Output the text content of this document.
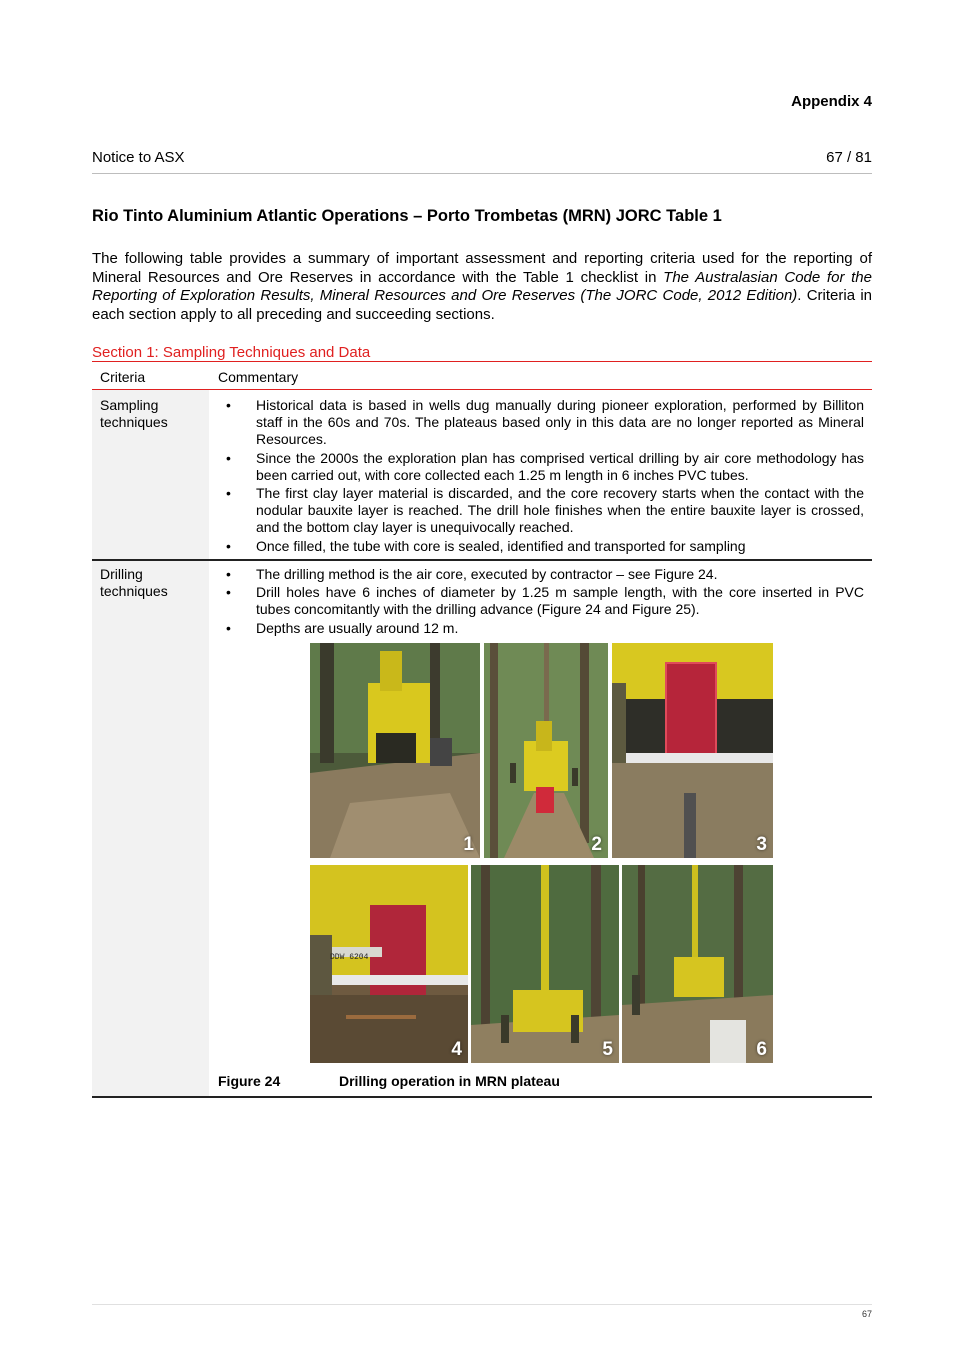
Appendix 4
Notice to ASX	67 / 81
Rio Tinto Aluminium Atlantic Operations – Porto Trombetas (MRN) JORC Table 1
The following table provides a summary of important assessment and reporting criteria used for the reporting of Mineral Resources and Ore Reserves in accordance with the Table 1 checklist in The Australasian Code for the Reporting of Exploration Results, Mineral Resources and Ore Reserves (The JORC Code, 2012 Edition). Criteria in each section apply to all preceding and succeeding sections.
Section 1: Sampling Techniques and Data
Criteria	Commentary
Sampling
techniques
• Historical data is based in wells dug manually during pioneer exploration, performed by Billiton staff in the 60s and 70s. The plateaus based only in this data are no longer reported as Mineral Resources.
• Since the 2000s the exploration plan has comprised vertical drilling by air core methodology has been carried out, with core collected each 1.25 m length in 6 inches PVC tubes.
• The first clay layer material is discarded, and the core recovery starts when the contact with the nodular bauxite layer is reached. The drill hole finishes when the entire bauxite layer is crossed, and the bottom clay layer is unequivocally reached.
• Once filled, the tube with core is sealed, identified and transported for sampling
Drilling
techniques
• The drilling method is the air core, executed by contractor – see Figure 24.
• Drill holes have 6 inches of diameter by 1.25 m sample length, with the core inserted in PVC tubes concomitantly with the drilling advance (Figure 24 and Figure 25).
• Depths are usually around 12 m.
1	2	3
DDW 6204
4	5	6
Figure 24	Drilling operation in MRN plateau
67
